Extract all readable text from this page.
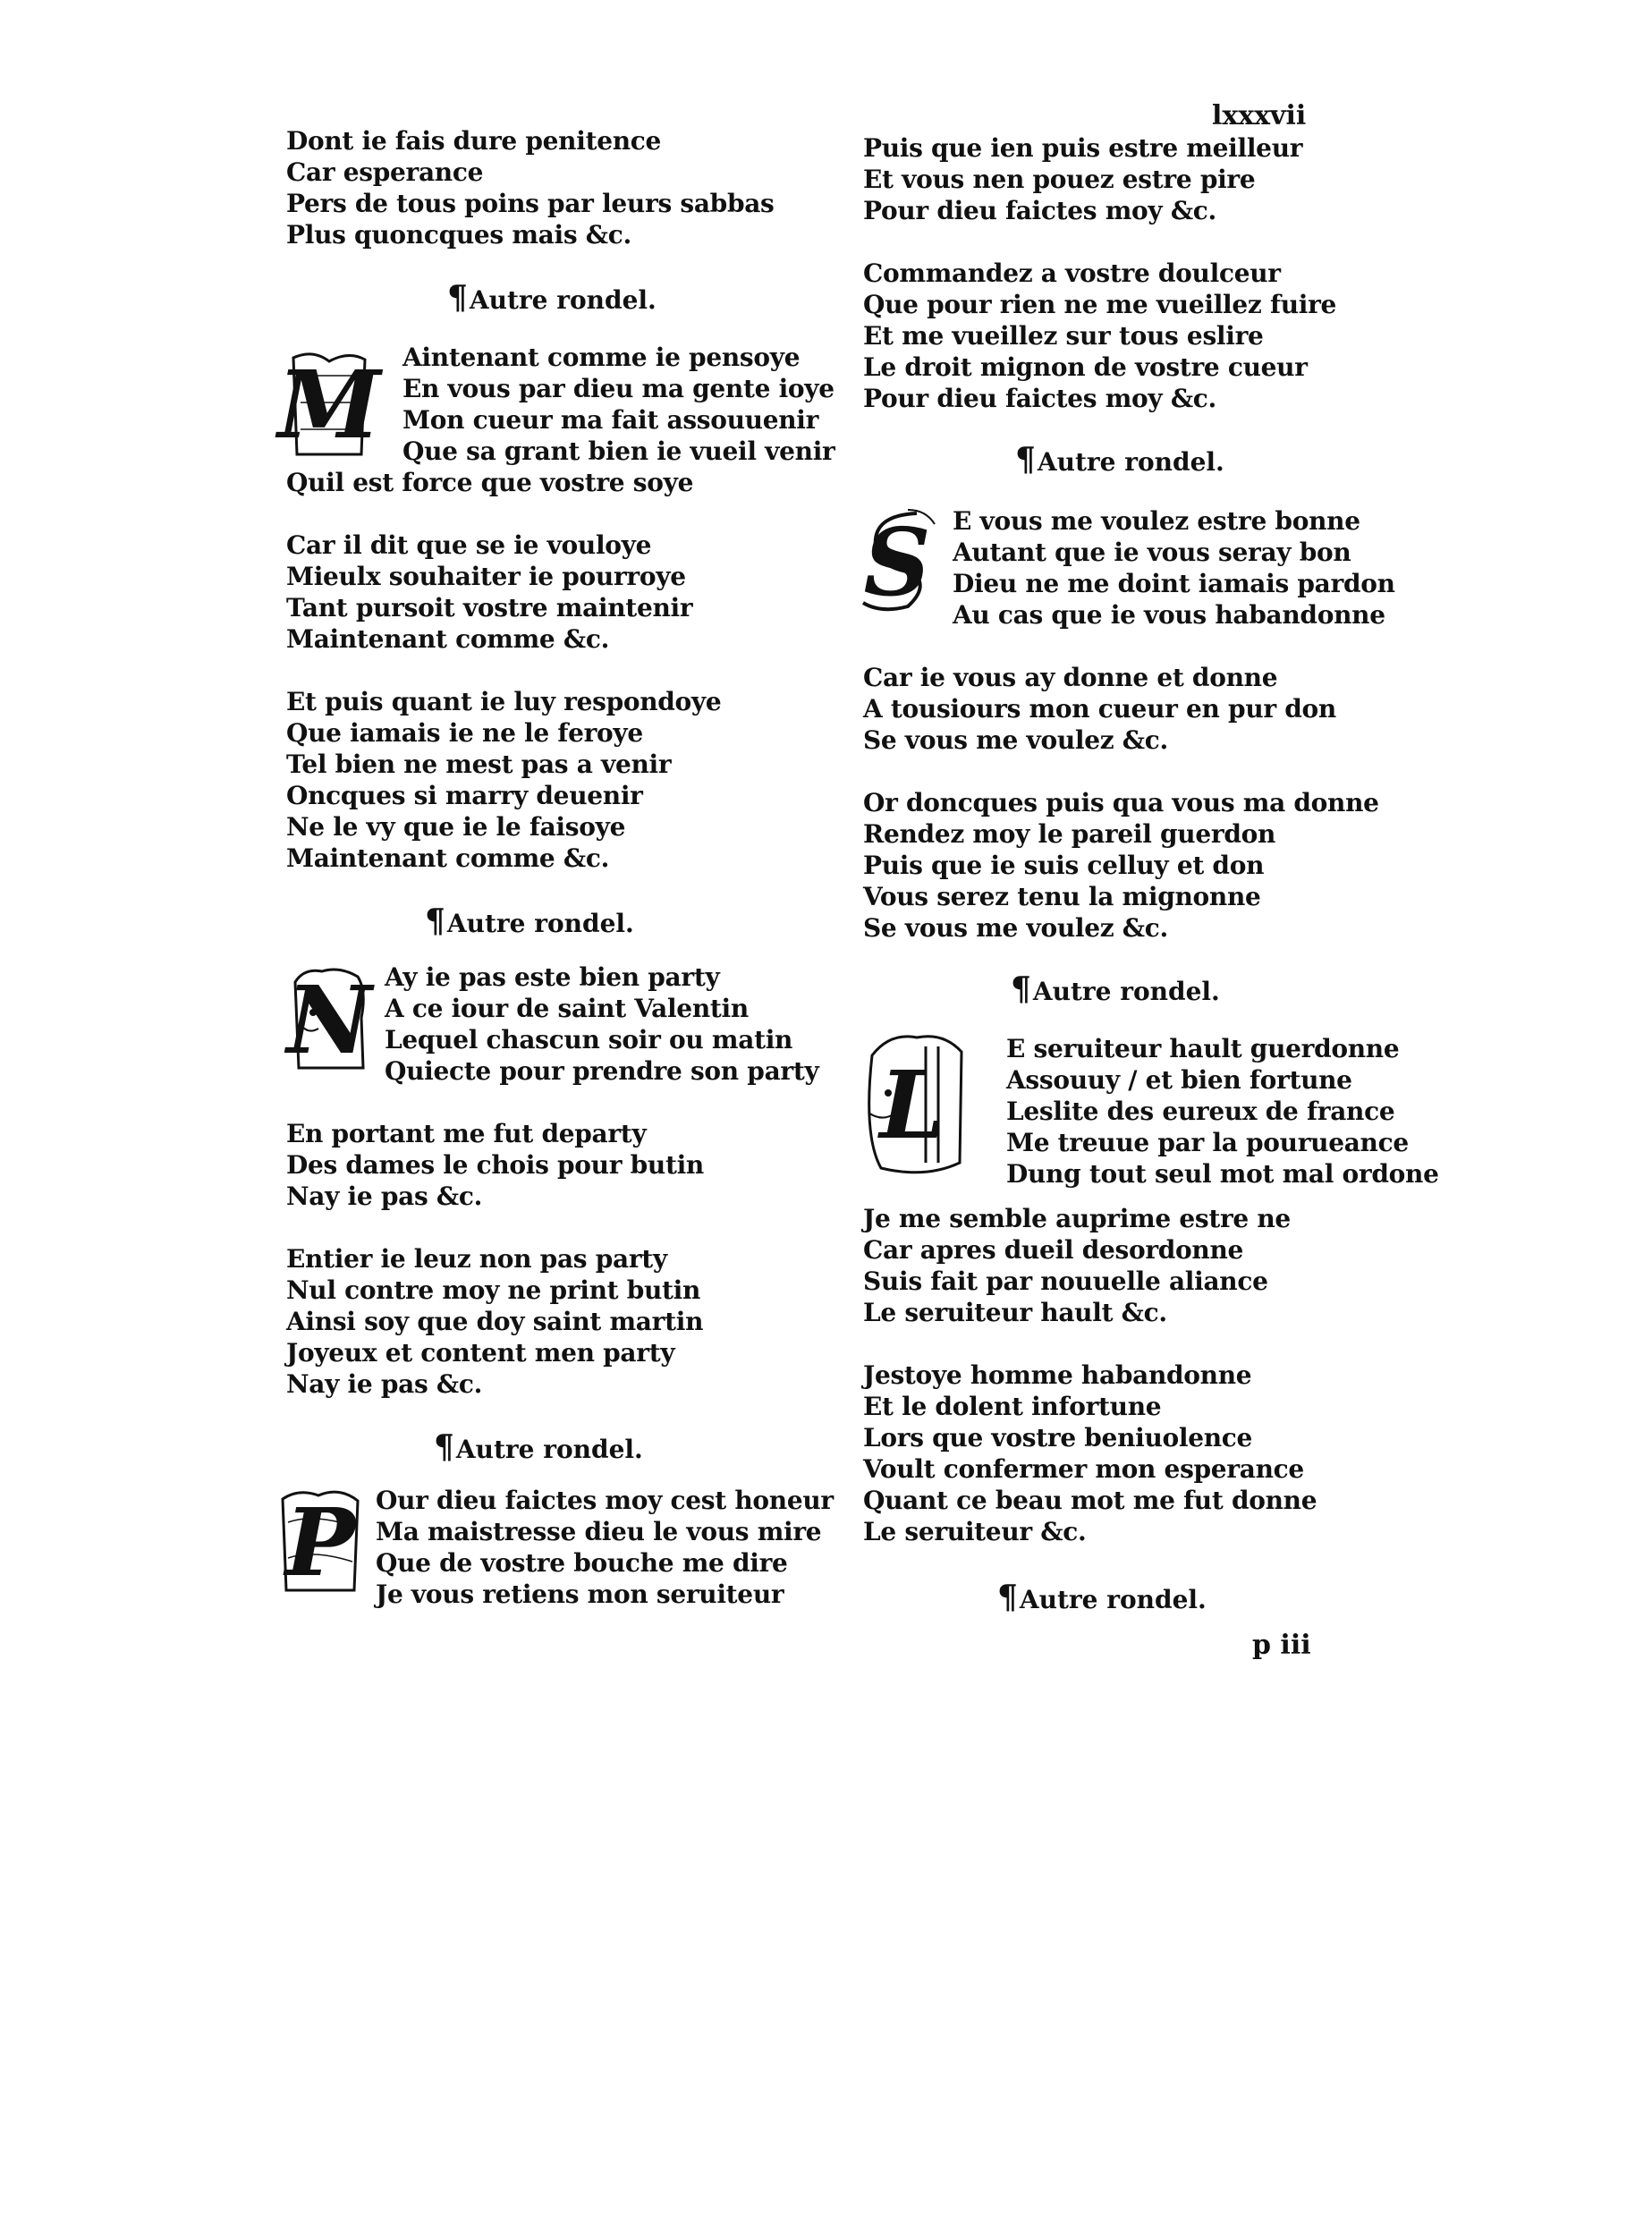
lxxxvii
Dont ie fais dure penitence
Car esperance
Pers de tous poins par leurs sabbas
Plus quoncques mais &c.
¶Autre rondel.
M Aintenant comme ie pensoye
En vous par dieu ma gente ioye
Mon cueur ma fait assouuenir
Que sa grant bien ie vueil venir
Quil est force que vostre soye
Car il dit que se ie vouloye
Mieulx souhaiter ie pourroye
Tant pursoit vostre maintenir
Maintenant comme &c.
Et puis quant ie luy respondoye
Que iamais ie ne le feroye
Tel bien ne mest pas a venir
Oncques si marry deuenir
Ne le vy que ie le faisoye
Maintenant comme &c.
¶Autre rondel.
N Ay ie pas este bien party
A ce iour de saint Valentin
Lequel chascun soir ou matin
Quiecte pour prendre son party
En portant me fut departy
Des dames le chois pour butin
Nay ie pas &c.
Entier ie leuz non pas party
Nul contre moy ne print butin
Ainsi soy que doy saint martin
Joyeux et content men party
Nay ie pas &c.
¶Autre rondel.
P Our dieu faictes moy cest honeur
Ma maistresse dieu le vous mire
Que de vostre bouche me dire
Je vous retiens mon seruiteur
Puis que ien puis estre meilleur
Et vous nen pouez estre pire
Pour dieu faictes moy &c.
Commandez a vostre doulceur
Que pour rien ne me vueillez fuire
Et me vueillez sur tous eslire
Le droit mignon de vostre cueur
Pour dieu faictes moy &c.
¶Autre rondel.
S E vous me voulez estre bonne
Autant que ie vous seray bon
Dieu ne me doint iamais pardon
Au cas que ie vous habandonne
Car ie vous ay donne et donne
A tousiours mon cueur en pur don
Se vous me voulez &c.
Or doncques puis qua vous ma donne
Rendez moy le pareil guerdon
Puis que ie suis celluy et don
Vous serez tenu la mignonne
Se vous me voulez &c.
¶Autre rondel.
L
E seruiteur hault guerdonne
Assouuy / et bien fortune
Leslite des eureux de france
Me treuue par la pourueance
Dung tout seul mot mal ordone
Je me semble auprime estre ne
Car apres dueil desordonne
Suis fait par nouuelle aliance
Le seruiteur hault &c.
Jestoye homme habandonne
Et le dolent infortune
Lors que vostre beniuolence
Voult confermer mon esperance
Quant ce beau mot me fut donne
Le seruiteur &c.
¶Autre rondel.
p iii
